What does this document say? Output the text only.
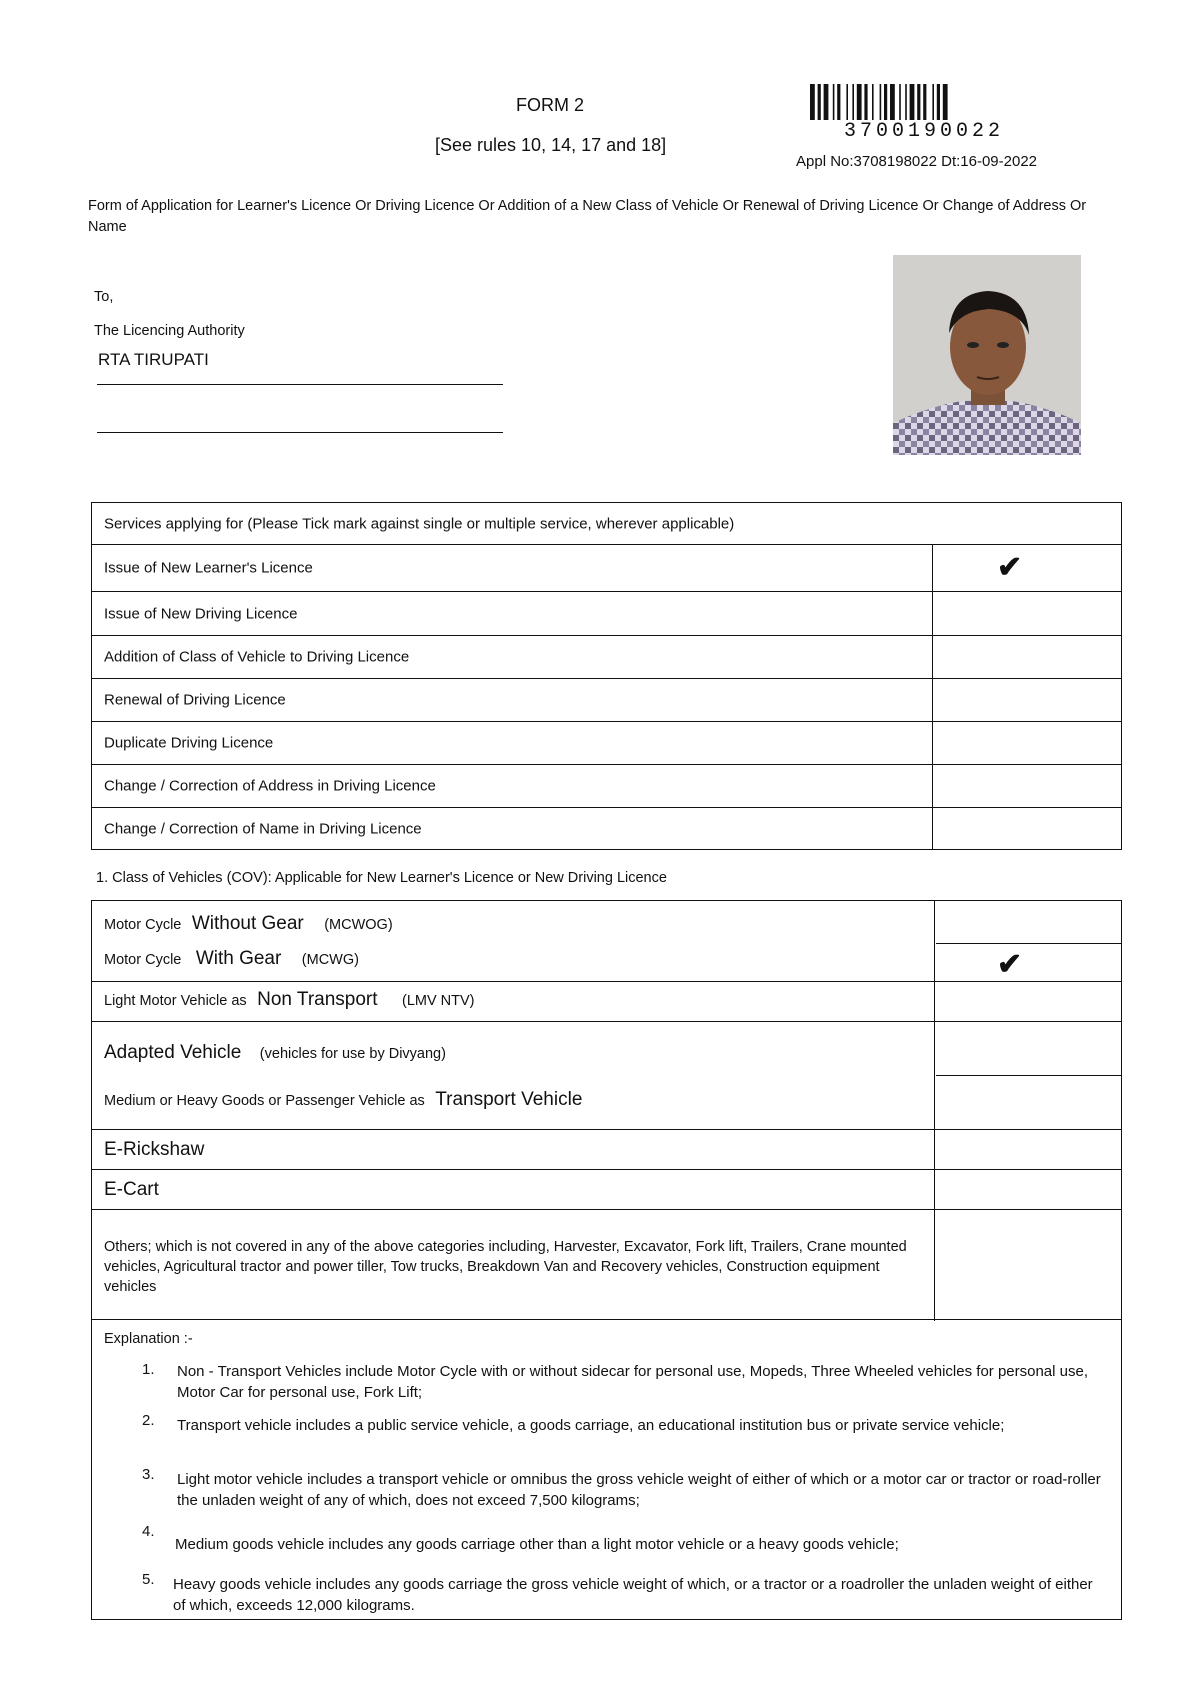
FORM 2
[See rules 10, 14, 17 and 18]
3700190022
Appl No:3708198022 Dt:16-09-2022
Form of Application for Learner's Licence Or Driving Licence Or Addition of a New Class of Vehicle Or Renewal of Driving Licence Or Change of Address Or Name
To,
The Licencing Authority
RTA TIRUPATI
Services applying for (Please Tick mark against single or multiple service, wherever applicable)
Issue of New Learner's Licence	✔
Issue of New Driving Licence
Addition of Class of Vehicle to Driving Licence
Renewal of Driving Licence
Duplicate Driving Licence
Change / Correction of Address in Driving Licence
Change / Correction of Name in Driving Licence
1. Class of Vehicles (COV): Applicable for New Learner's Licence or New Driving Licence
Motor Cycle Without Gear (MCWOG)
Motor Cycle With Gear (MCWG)	✔
Light Motor Vehicle as Non Transport (LMV NTV)
Adapted Vehicle (vehicles for use by Divyang)
Medium or Heavy Goods or Passenger Vehicle as Transport Vehicle
E-Rickshaw
E-Cart
Others; which is not covered in any of the above categories including, Harvester, Excavator, Fork lift, Trailers, Crane mounted vehicles, Agricultural tractor and power tiller, Tow trucks, Breakdown Van and Recovery vehicles, Construction equipment vehicles
Explanation :-
1. Non - Transport Vehicles include Motor Cycle with or without sidecar for personal use, Mopeds, Three Wheeled vehicles for personal use, Motor Car for personal use, Fork Lift;
2. Transport vehicle includes a public service vehicle, a goods carriage, an educational institution bus or private service vehicle;
3. Light motor vehicle includes a transport vehicle or omnibus the gross vehicle weight of either of which or a motor car or tractor or road-roller the unladen weight of any of which, does not exceed 7,500 kilograms;
4.
Medium goods vehicle includes any goods carriage other than a light motor vehicle or a heavy goods vehicle;
5. Heavy goods vehicle includes any goods carriage the gross vehicle weight of which, or a tractor or a roadroller the unladen weight of either of which, exceeds 12,000 kilograms.
